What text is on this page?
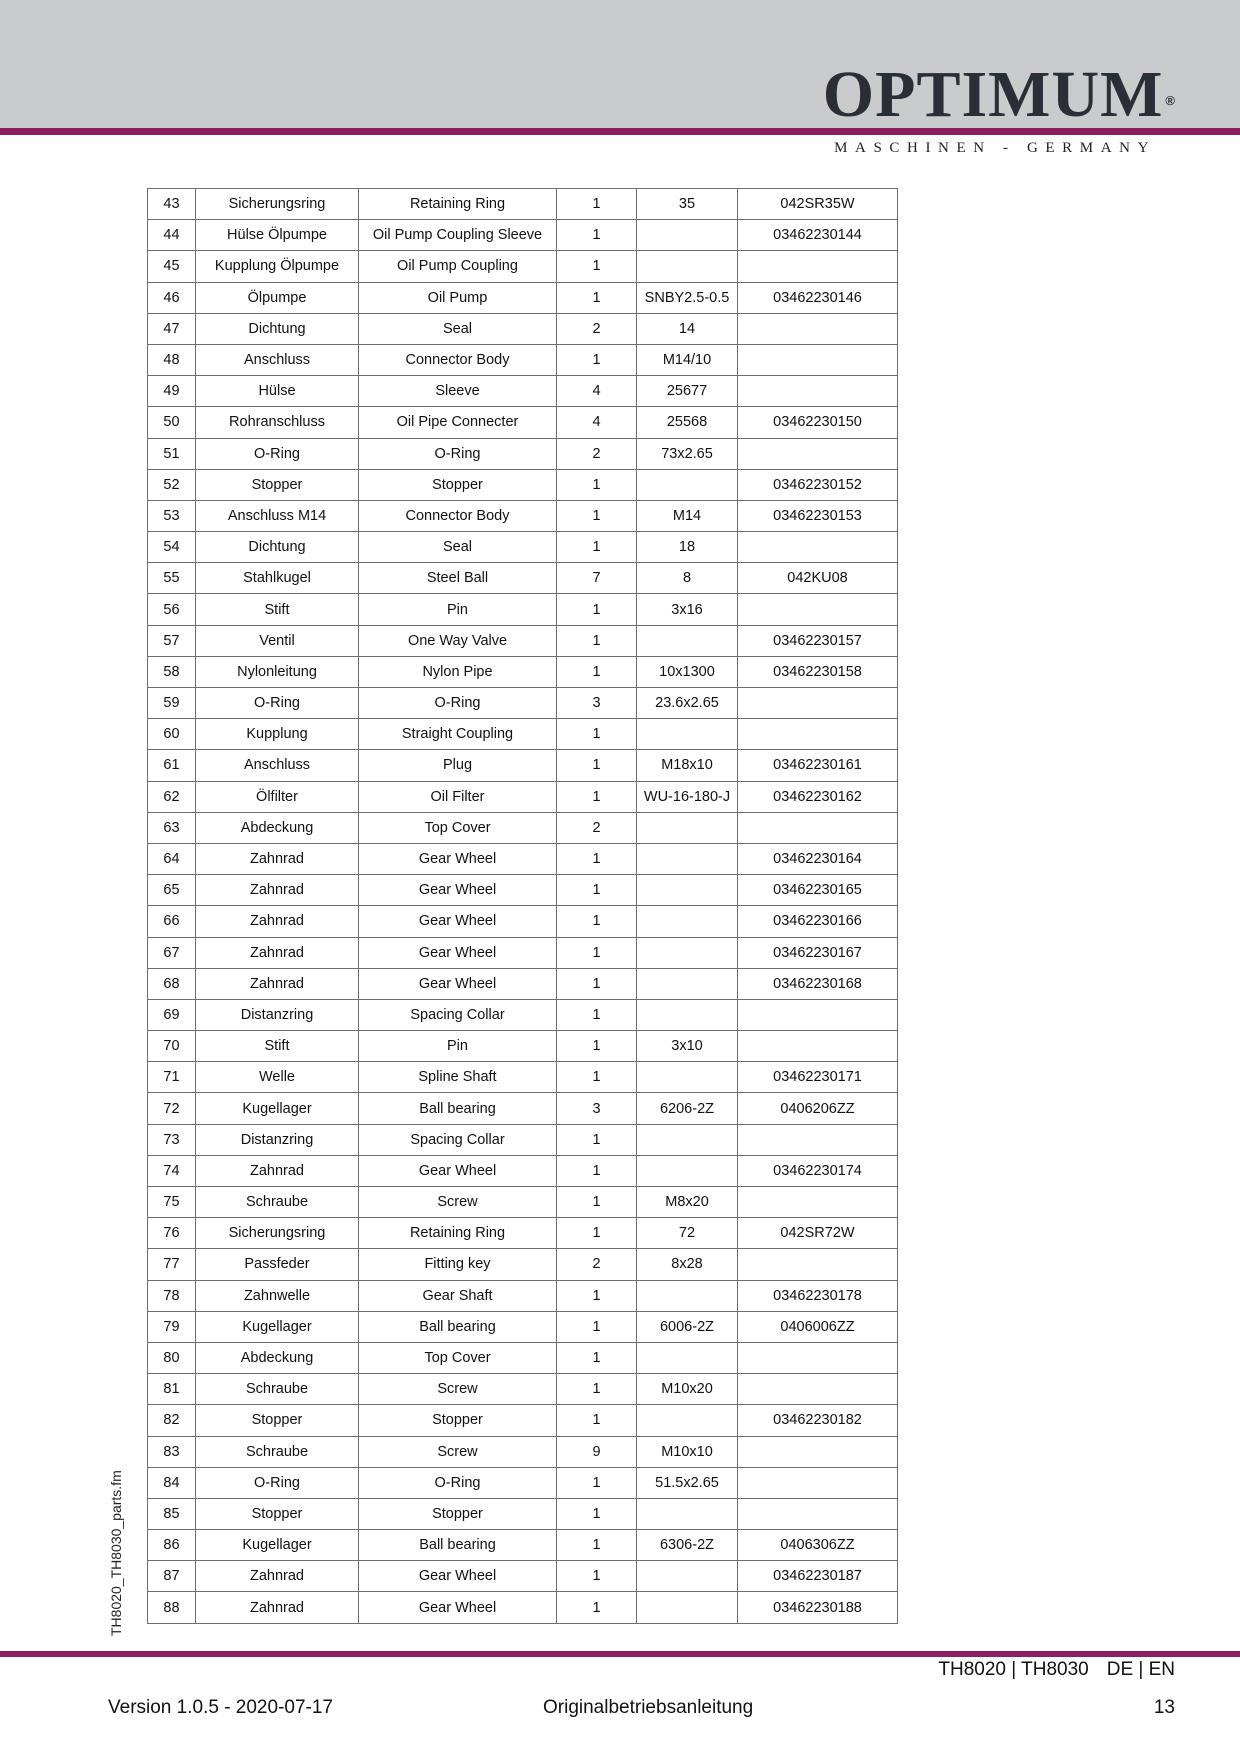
OPTIMUM ®
MASCHINEN - GERMANY
43	Sicherungsring	Retaining Ring	1	35	042SR35W
44	Hülse Ölpumpe	Oil Pump Coupling Sleeve	1		03462230144
45	Kupplung Ölpumpe	Oil Pump Coupling	1		
46	Ölpumpe	Oil Pump	1	SNBY2.5-0.5	03462230146
47	Dichtung	Seal	2	14	
48	Anschluss	Connector Body	1	M14/10	
49	Hülse	Sleeve	4	25677	
50	Rohranschluss	Oil Pipe Connecter	4	25568	03462230150
51	O-Ring	O-Ring	2	73x2.65	
52	Stopper	Stopper	1		03462230152
53	Anschluss M14	Connector Body	1	M14	03462230153
54	Dichtung	Seal	1	18	
55	Stahlkugel	Steel Ball	7	8	042KU08
56	Stift	Pin	1	3x16	
57	Ventil	One Way Valve	1		03462230157
58	Nylonleitung	Nylon Pipe	1	10x1300	03462230158
59	O-Ring	O-Ring	3	23.6x2.65	
60	Kupplung	Straight Coupling	1		
61	Anschluss	Plug	1	M18x10	03462230161
62	Ölfilter	Oil Filter	1	WU-16-180-J	03462230162
63	Abdeckung	Top Cover	2		
64	Zahnrad	Gear Wheel	1		03462230164
65	Zahnrad	Gear Wheel	1		03462230165
66	Zahnrad	Gear Wheel	1		03462230166
67	Zahnrad	Gear Wheel	1		03462230167
68	Zahnrad	Gear Wheel	1		03462230168
69	Distanzring	Spacing Collar	1		
70	Stift	Pin	1	3x10	
71	Welle	Spline Shaft	1		03462230171
72	Kugellager	Ball bearing	3	6206-2Z	0406206ZZ
73	Distanzring	Spacing Collar	1		
74	Zahnrad	Gear Wheel	1		03462230174
75	Schraube	Screw	1	M8x20	
76	Sicherungsring	Retaining Ring	1	72	042SR72W
77	Passfeder	Fitting key	2	8x28	
78	Zahnwelle	Gear Shaft	1		03462230178
79	Kugellager	Ball bearing	1	6006-2Z	0406006ZZ
80	Abdeckung	Top Cover	1		
81	Schraube	Screw	1	M10x20	
82	Stopper	Stopper	1		03462230182
83	Schraube	Screw	9	M10x10	
84	O-Ring	O-Ring	1	51.5x2.65	
85	Stopper	Stopper	1		
86	Kugellager	Ball bearing	1	6306-2Z	0406306ZZ
87	Zahnrad	Gear Wheel	1		03462230187
88	Zahnrad	Gear Wheel	1		03462230188
TH8020_TH8030_parts.fm
TH8020 | TH8030 DE | EN
Version 1.0.5 - 2020-07-17	Originalbetriebsanleitung	13
